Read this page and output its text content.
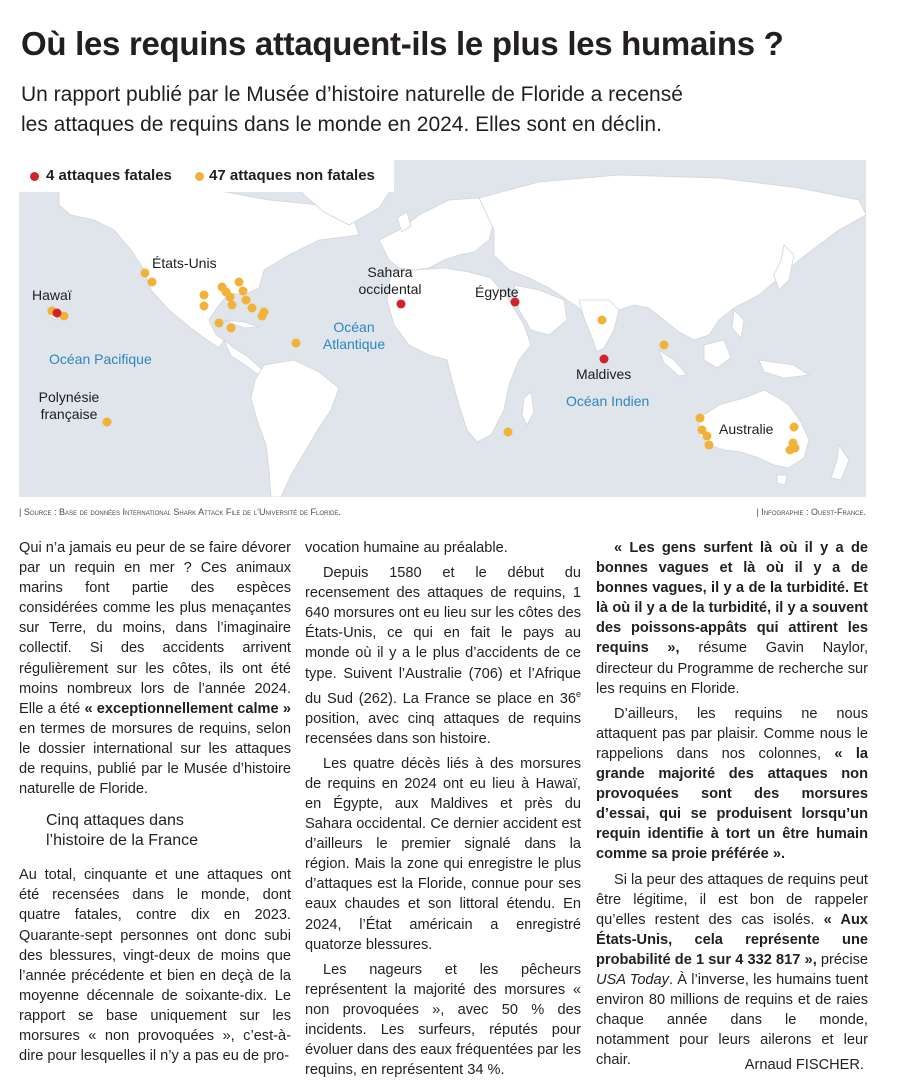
Où les requins attaquent-ils le plus les humains ?
Un rapport publié par le Musée d’histoire naturelle de Floride a recensé
les attaques de requins dans le monde en 2024. Elles sont en déclin.
Hawaï
États-Unis
Sahara
occidental	Égypte
Océan Pacifique
Océan
Atlantique
Polynésie
française
Maldives
Océan Indien
Australie
4 attaques fatales 47 attaques non fatales
| Source : Base de données International Shark Attack File de l’Université de Floride.	| Infographie : Ouest-France.

Qui n’a jamais eu peur de se faire dévorer par un requin en mer ? Ces animaux marins font partie des espèces considérées comme les plus menaçantes sur Terre, du moins, dans l’imaginaire collectif. Si des accidents arrivent régulièrement sur les côtes, ils ont été moins nombreux lors de l’année 2024. Elle a été « exceptionnellement calme » en termes de morsures de requins, selon le dossier international sur les attaques de requins, publié par le Musée d’histoire naturelle de Floride.

Cinq attaques dans
l’histoire de la France

Au total, cinquante et une attaques ont été recensées dans le monde, dont quatre fatales, contre dix en 2023. Quarante-sept personnes ont donc subi des blessures, vingt-deux de moins que l’année précédente et bien en deçà de la moyenne décennale de soixante-dix. Le rapport se base uniquement sur les morsures « non provoquées », c’est-à-dire pour lesquelles il n’y a pas eu de pro-

vocation humaine au préalable.

Depuis 1580 et le début du recensement des attaques de requins, 1 640 morsures ont eu lieu sur les côtes des États-Unis, ce qui en fait le pays au monde où il y a le plus d’accidents de ce type. Suivent l’Australie (706) et l’Afrique du Sud (262). La France se place en 36e position, avec cinq attaques de requins recensées dans son histoire.

Les quatre décès liés à des morsures de requins en 2024 ont eu lieu à Hawaï, en Égypte, aux Maldives et près du Sahara occidental. Ce dernier accident est d’ailleurs le premier signalé dans la région. Mais la zone qui enregistre le plus d’attaques est la Floride, connue pour ses eaux chaudes et son littoral étendu. En 2024, l’État américain a enregistré quatorze blessures.

Les nageurs et les pêcheurs représentent la majorité des morsures « non provoquées », avec 50 % des incidents. Les surfeurs, réputés pour évoluer dans des eaux fréquentées par les requins, en représentent 34 %.

« Les gens surfent là où il y a de bonnes vagues et là où il y a de bonnes vagues, il y a de la turbidité. Et là où il y a de la turbidité, il y a souvent des poissons-appâts qui attirent les requins », résume Gavin Naylor, directeur du Programme de recherche sur les requins en Floride.

D’ailleurs, les requins ne nous attaquent pas par plaisir. Comme nous le rappelions dans nos colonnes, « la grande majorité des attaques non provoquées sont des morsures d’essai, qui se produisent lorsqu’un requin identifie à tort un être humain comme sa proie préférée ».

Si la peur des attaques de requins peut être légitime, il est bon de rappeler qu’elles restent des cas isolés. « Aux États-Unis, cela représente une probabilité de 1 sur 4 332 817 », précise USA Today. À l’inverse, les humains tuent environ 80 millions de requins et de raies chaque année dans le monde, notamment pour leurs ailerons et leur chair.	Arnaud FISCHER.
